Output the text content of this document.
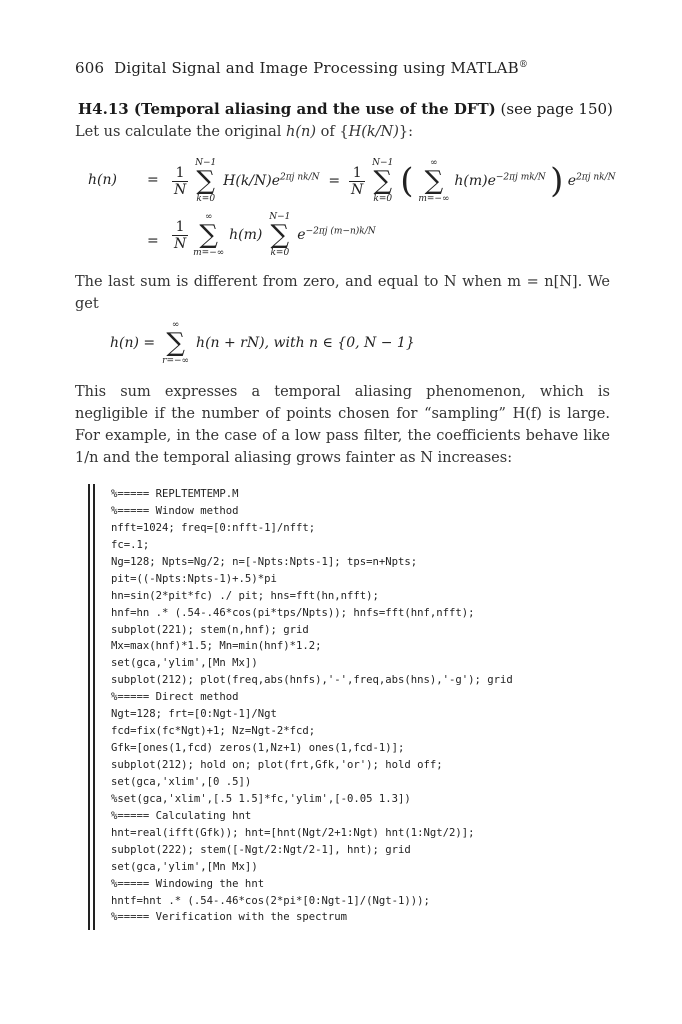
606 Digital Signal and Image Processing using MATLAB®
H4.13 (Temporal aliasing and the use of the DFT) (see page 150)
Let us calculate the original h(n) of {H(k/N)}:
$h(n) = \frac{1}{N}$

N−1
∑
k=0
$H(k/N)e^{2\pi j nk/N} = \frac{1}{N}$

N−1
∑
k=0 (	∞
∑
m=−∞
$h(m)e^{-2\pi j mk/N}$ ) $e^{2\pi j nk/N}$
= $\frac{1}{N}$

∞
∑
m=−∞
h(m)
N−1
∑
k=0
$e^{-2\pi j (m-n)k/N}$
The last sum is different from zero, and equal to N when m = n[N]. We get
h(n) =
∞
∑
r=−∞
h(n + rN), with n ∈ {0, N − 1}
This sum expresses a temporal aliasing phenomenon, which is negligible if the number of points chosen for “sampling” H(f) is large. For example, in the case of a low pass filter, the coefficients behave like 1/n and the temporal aliasing grows fainter as N increases:
%===== REPLTEMTEMP.M
%===== Window method
nfft=1024; freq=[0:nfft-1]/nfft;
fc=.1;
Ng=128; Npts=Ng/2; n=[-Npts:Npts-1]; tps=n+Npts;
pit=((-Npts:Npts-1)+.5)*pi
hn=sin(2*pit*fc) ./ pit; hns=fft(hn,nfft);
hnf=hn .* (.54-.46*cos(pi*tps/Npts)); hnfs=fft(hnf,nfft);
subplot(221); stem(n,hnf); grid
Mx=max(hnf)*1.5; Mn=min(hnf)*1.2;
set(gca,'ylim',[Mn Mx])
subplot(212); plot(freq,abs(hnfs),'-',freq,abs(hns),'-g'); grid
%===== Direct method
Ngt=128; frt=[0:Ngt-1]/Ngt
fcd=fix(fc*Ngt)+1; Nz=Ngt-2*fcd;
Gfk=[ones(1,fcd) zeros(1,Nz+1) ones(1,fcd-1)];
subplot(212); hold on; plot(frt,Gfk,'or'); hold off;
set(gca,'xlim',[0 .5])
%set(gca,'xlim',[.5 1.5]*fc,'ylim',[-0.05 1.3])
%===== Calculating hnt
hnt=real(ifft(Gfk)); hnt=[hnt(Ngt/2+1:Ngt) hnt(1:Ngt/2)];
subplot(222); stem([-Ngt/2:Ngt/2-1], hnt); grid
set(gca,'ylim',[Mn Mx])
%===== Windowing the hnt
hntf=hnt .* (.54-.46*cos(2*pi*[0:Ngt-1]/(Ngt-1)));
%===== Verification with the spectrum
